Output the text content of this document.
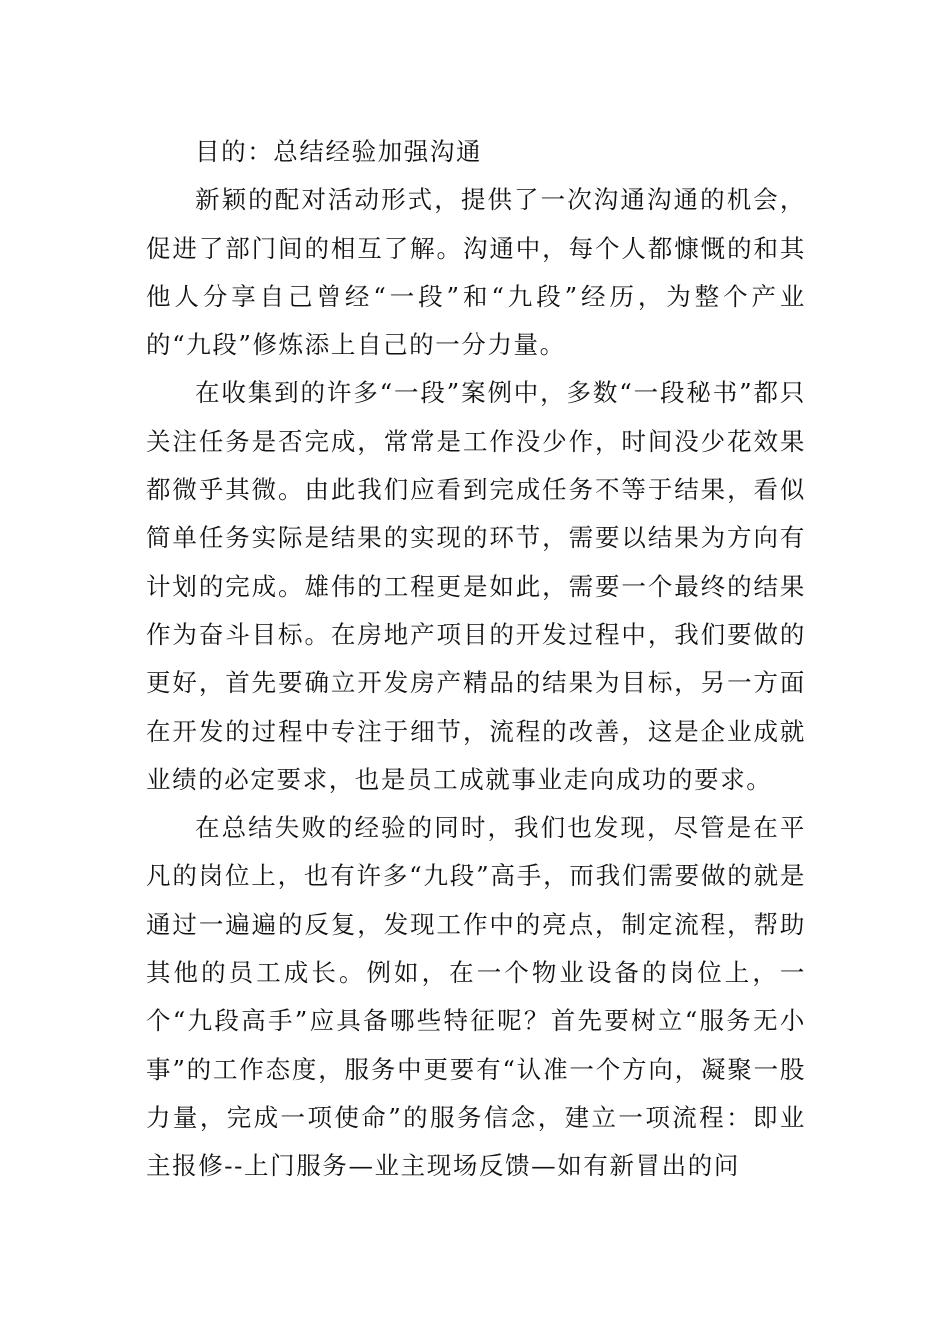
目的：总结经验加强沟通

新颖的配对活动形式，提供了一次沟通沟通的机会，促进了部门间的相互了解。沟通中，每个人都慷慨的和其他人分享自己曾经“一段”和“九段”经历，为整个产业的“九段”修炼添上自己的一分力量。

在收集到的许多“一段”案例中，多数“一段秘书”都只关注任务是否完成，常常是工作没少作，时间没少花效果都微乎其微。由此我们应看到完成任务不等于结果，看似简单任务实际是结果的实现的环节，需要以结果为方向有计划的完成。雄伟的工程更是如此，需要一个最终的结果作为奋斗目标。在房地产项目的开发过程中，我们要做的更好，首先要确立开发房产精品的结果为目标，另一方面在开发的过程中专注于细节，流程的改善，这是企业成就业绩的必定要求，也是员工成就事业走向成功的要求。

在总结失败的经验的同时，我们也发现，尽管是在平凡的岗位上，也有许多“九段”高手，而我们需要做的就是通过一遍遍的反复，发现工作中的亮点，制定流程，帮助其他的员工成长。例如，在一个物业设备的岗位上，一个“九段高手”应具备哪些特征呢？首先要树立“服务无小事”的工作态度，服务中更要有“认准一个方向，凝聚一股力量，完成一项使命”的服务信念，建立一项流程：即业主报修--上门服务—业主现场反馈—如有新冒出的问
